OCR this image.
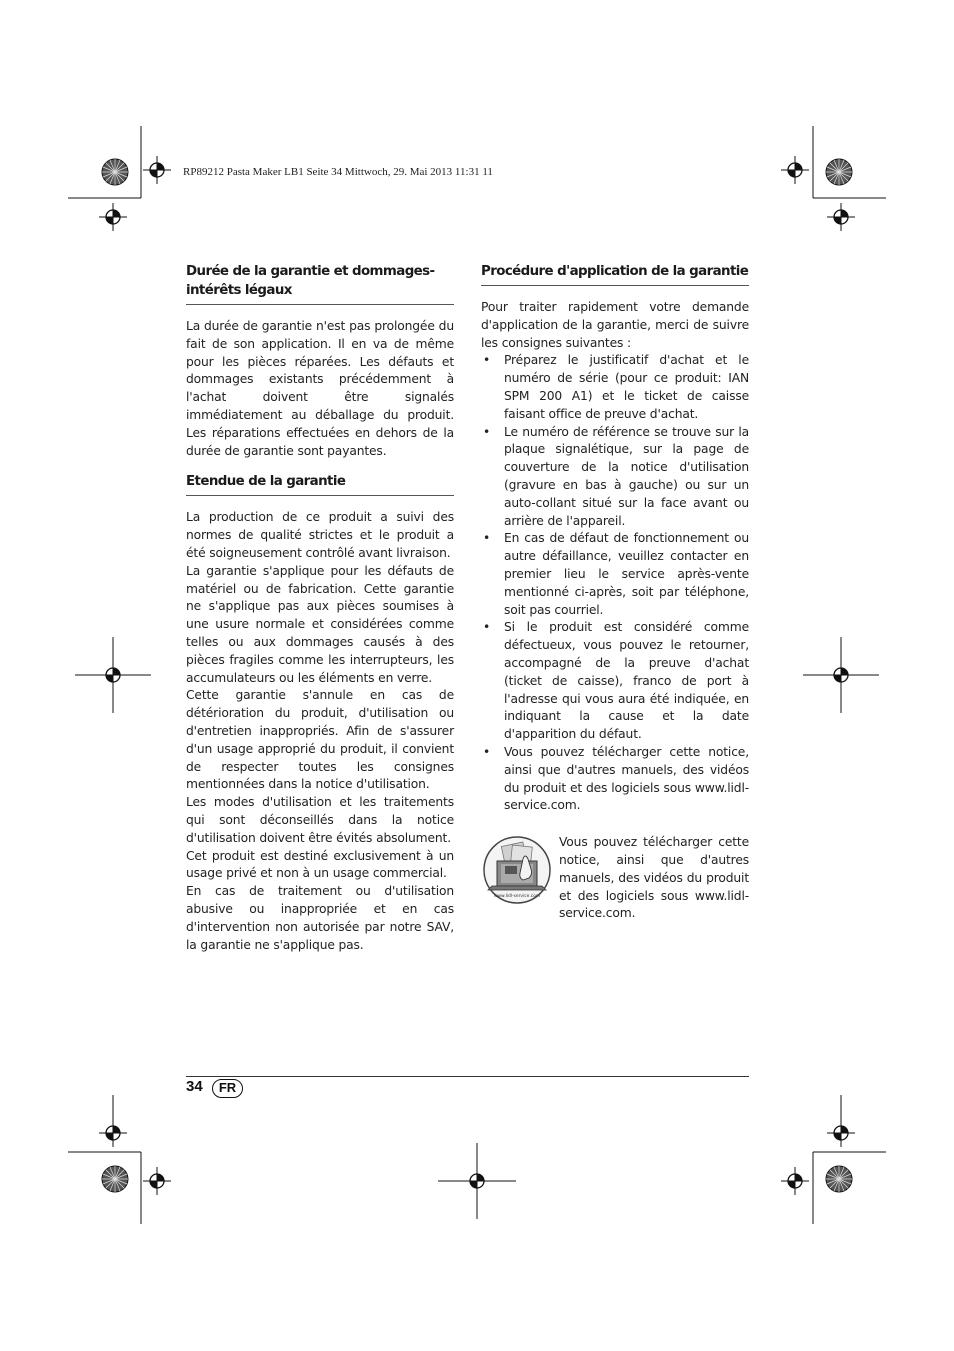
RP89212 Pasta Maker LB1 Seite 34 Mittwoch, 29. Mai 2013 11:31 11
Durée de la garantie et dommages-intérêts légaux

La durée de garantie n'est pas prolongée du fait de son application. Il en va de même pour les pièces réparées. Les défauts et dommages existants précédemment à l'achat doivent être signalés immédiatement au déballage du produit. Les réparations effectuées en dehors de la durée de garantie sont payantes.

Etendue de la garantie

La production de ce produit a suivi des normes de qualité strictes et le produit a été soigneusement contrôlé avant livraison.

La garantie s'applique pour les défauts de matériel ou de fabrication. Cette garantie ne s'applique pas aux pièces soumises à une usure normale et considérées comme telles ou aux dommages causés à des pièces fragiles comme les interrupteurs, les accumulateurs ou les éléments en verre.

Cette garantie s'annule en cas de détérioration du produit, d'utilisation ou d'entretien inappropriés. Afin de s'assurer d'un usage approprié du produit, il convient de respecter toutes les consignes mentionnées dans la notice d'utilisation.

Les modes d'utilisation et les traitements qui sont déconseillés dans la notice d'utilisation doivent être évités absolument.

Cet produit est destiné exclusivement à un usage privé et non à un usage commercial.

En cas de traitement ou d'utilisation abusive ou inappropriée et en cas d'intervention non autorisée par notre SAV, la garantie ne s'applique pas.

Procédure d'application de la garantie

Pour traiter rapidement votre demande d'application de la garantie, merci de suivre les consignes suivantes :

• Préparez le justificatif d'achat et le numéro de série (pour ce produit: IAN SPM 200 A1) et le ticket de caisse faisant office de preuve d'achat.
• Le numéro de référence se trouve sur la plaque signalétique, sur la page de couverture de la notice d'utilisation (gravure en bas à gauche) ou sur un auto-collant situé sur la face avant ou arrière de l'appareil.
• En cas de défaut de fonctionnement ou autre défaillance, veuillez contacter en premier lieu le service après-vente mentionné ci-après, soit par téléphone, soit pas courriel.
• Si le produit est considéré comme défectueux, vous pouvez le retourner, accompagné de la preuve d'achat (ticket de caisse), franco de port à l'adresse qui vous aura été indiquée, en indiquant la cause et la date d'apparition du défaut.
• Vous pouvez télécharger cette notice, ainsi que d'autres manuels, des vidéos du produit et des logiciels sous www.lidl-service.com.
www.lidl-service.com

Vous pouvez télécharger cette notice, ainsi que d'autres manuels, des vidéos du produit et des logiciels sous www.lidl-service.com.

34	FR
